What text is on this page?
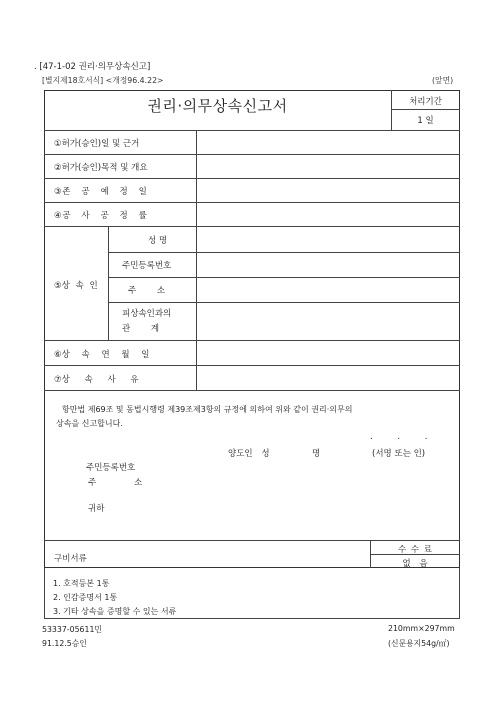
. [47-1-02 권리·의무상속신고]
[별지제18호서식] <개정96.4.22>	(앞면)
권리·의무상속신고서	처리기간
1 일
①허가(승인)일 및 근거
②허가(승인)목적 및 개요
③존 공 예 정 일
④공 사 공 정 률
⑤상 속 인
성 명
주민등록번호
주 소
피상속인과의
관 계
⑥상 속 연 월 일
⑦상 속 사 유
항만법 제69조 및 동법시행령 제39조제3항의 규정에 의하여 위와 같이 권리·의무의
상속을 신고합니다.
. . .
양도인 성	명	(서명 또는 인)
주민등록번호
주	소
귀하
구비서류
수 수 료
없 음
1. 호적등본 1통
2. 인감증명서 1통
3. 기타 상속을 증명할 수 있는 서류
53337-05611민
91.12.5승인
210mm×297mm
(신문용지54g/㎡)
